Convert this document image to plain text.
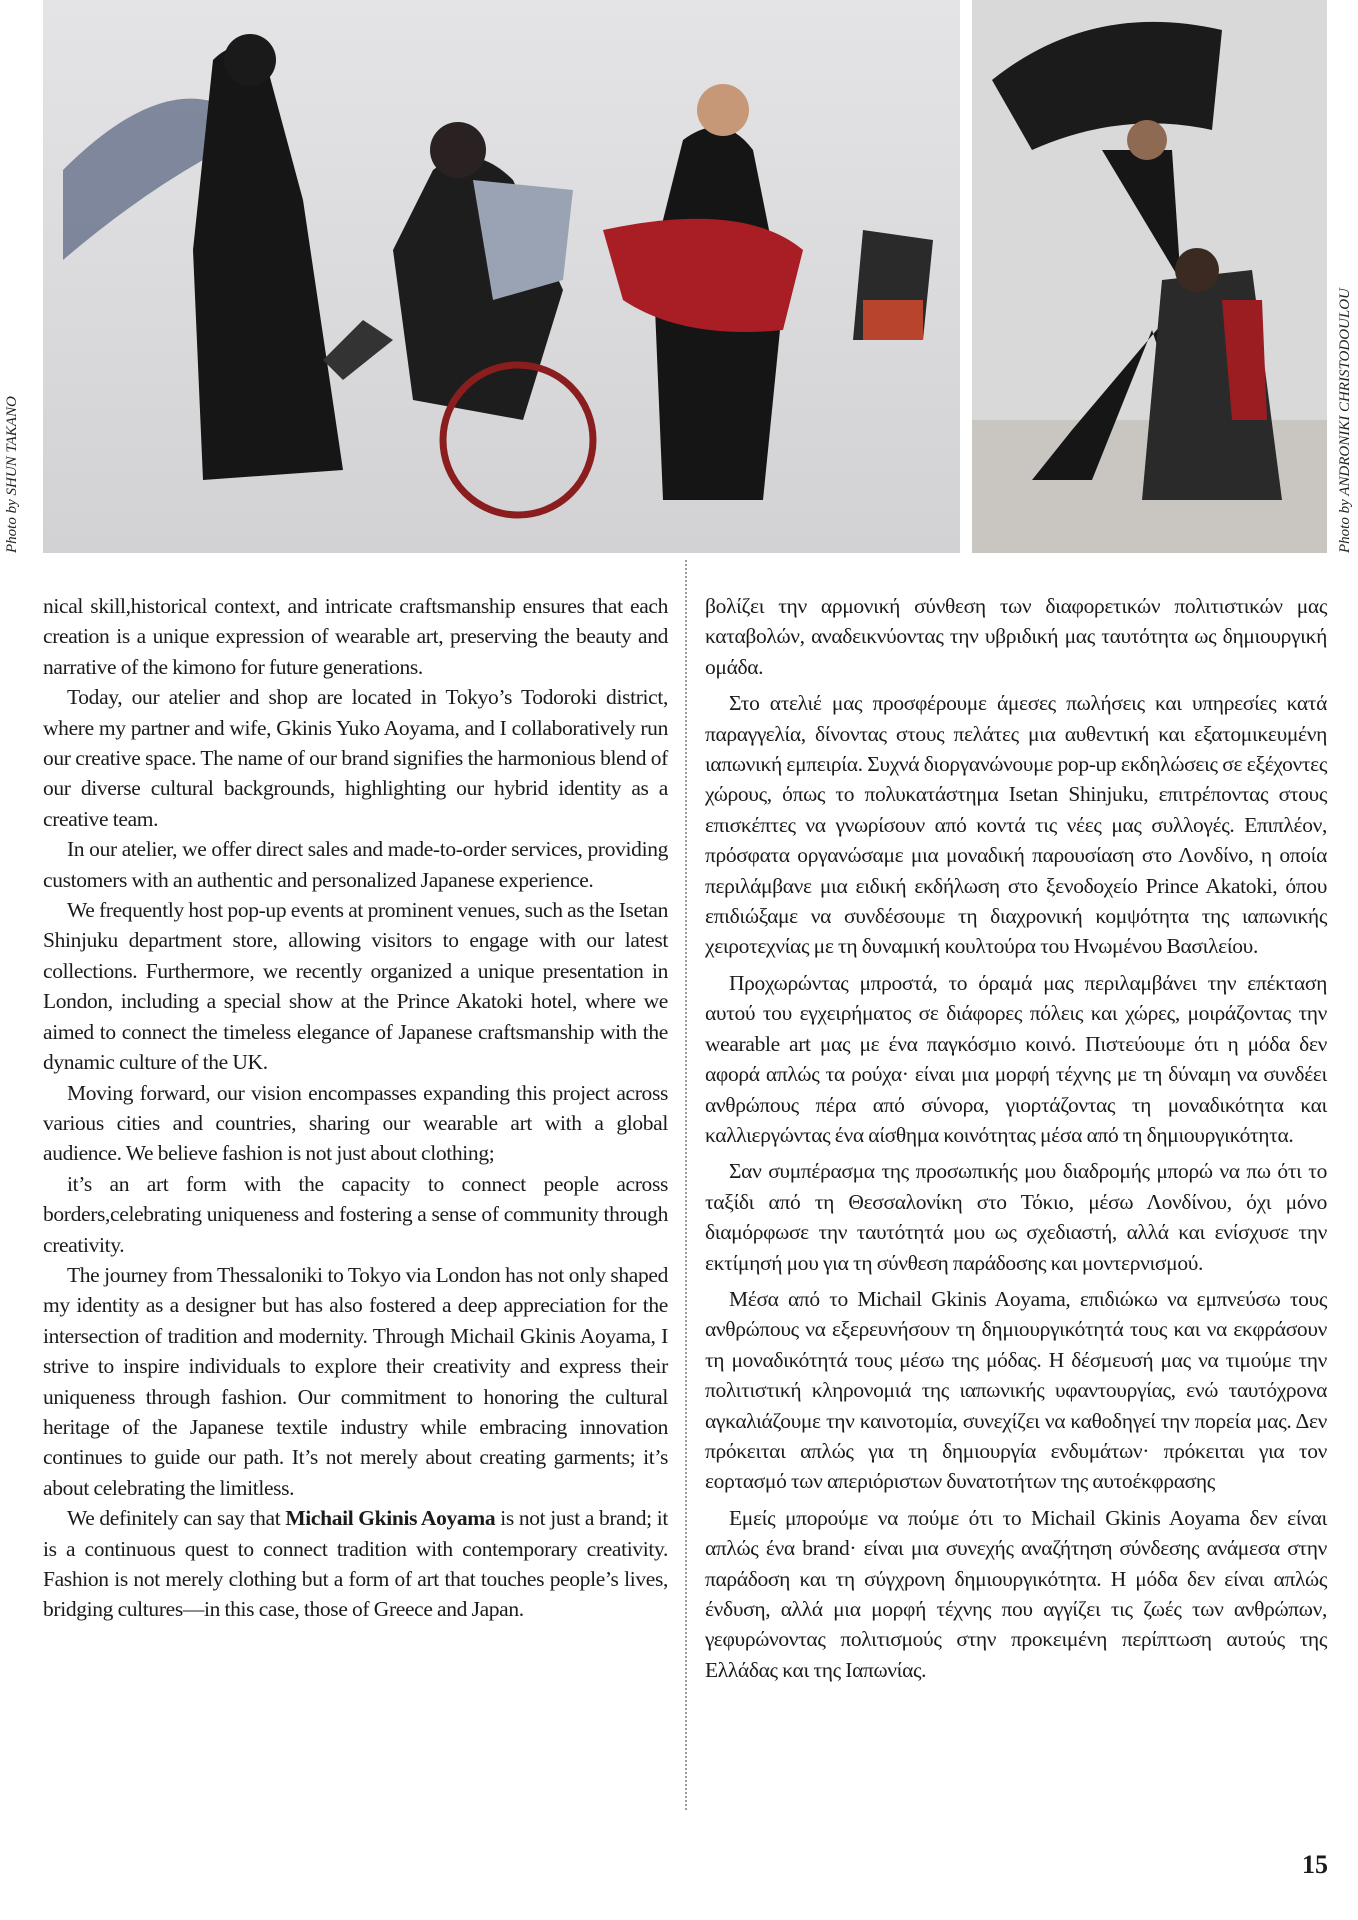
Photo by SHUN TAKANO	Photo by ANDRONIKI CHRISTODOULOU

nical skill,historical context, and intricate craftsmanship ensures that each creation is a unique expression of wearable art, preserving the beauty and narrative of the kimono for future generations.

Today, our atelier and shop are located in Tokyo’s Todoroki district, where my partner and wife, Gkinis Yuko Aoyama, and I collaboratively run our creative space. The name of our brand signifies the harmonious blend of our diverse cultural backgrounds, highlighting our hybrid identity as a creative team.

In our atelier, we offer direct sales and made-to-order services, providing customers with an authentic and personalized Japanese experience.

We frequently host pop-up events at prominent venues, such as the Isetan Shinjuku department store, allowing visitors to engage with our latest collections. Furthermore, we recently organized a unique presentation in London, including a special show at the Prince Akatoki hotel, where we aimed to connect the timeless elegance of Japanese craftsmanship with the dynamic culture of the UK.

Moving forward, our vision encompasses expanding this project across various cities and countries, sharing our wearable art with a global audience. We believe fashion is not just about clothing;

it’s an art form with the capacity to connect people across borders,celebrating uniqueness and fostering a sense of community through creativity.

The journey from Thessaloniki to Tokyo via London has not only shaped my identity as a designer but has also fostered a deep appreciation for the intersection of tradition and modernity. Through Michail Gkinis Aoyama, I strive to inspire individuals to explore their creativity and express their uniqueness through fashion. Our commitment to honoring the cultural heritage of the Japanese textile industry while embracing innovation continues to guide our path. It’s not merely about creating garments; it’s about celebrating the limitless.

We definitely can say that Michail Gkinis Aoyama is not just a brand; it is a continuous quest to connect tradition with contemporary creativity. Fashion is not merely clothing but a form of art that touches people’s lives, bridging cultures—in this case, those of Greece and Japan.

βολίζει την αρμονική σύνθεση των διαφορετικών πολιτιστικών μας καταβολών, αναδεικνύοντας την υβριδική μας ταυτότητα ως δημιουργική ομάδα.

Στο ατελιέ μας προσφέρουμε άμεσες πωλήσεις και υπηρεσίες κατά παραγγελία, δίνοντας στους πελάτες μια αυθεντική και εξατομικευμένη ιαπωνική εμπειρία. Συχνά διοργανώνουμε pop-up εκδηλώσεις σε εξέχοντες χώρους, όπως το πολυκατάστημα Isetan Shinjuku, επιτρέποντας στους επισκέπτες να γνωρίσουν από κοντά τις νέες μας συλλογές. Επιπλέον, πρόσφατα οργανώσαμε μια μοναδική παρουσίαση στο Λονδίνο, η οποία περιλάμβανε μια ειδική εκδήλωση στο ξενοδοχείο Prince Akatoki, όπου επιδιώξαμε να συνδέσουμε τη διαχρονική κομψότητα της ιαπωνικής χειροτεχνίας με τη δυναμική κουλτούρα του Ηνωμένου Βασιλείου.

Προχωρώντας μπροστά, το όραμά μας περιλαμβάνει την επέκταση αυτού του εγχειρήματος σε διάφορες πόλεις και χώρες, μοιράζοντας την wearable art μας με ένα παγκόσμιο κοινό. Πιστεύουμε ότι η μόδα δεν αφορά απλώς τα ρούχα· είναι μια μορφή τέχνης με τη δύναμη να συνδέει ανθρώπους πέρα από σύνορα, γιορτάζοντας τη μοναδικότητα και καλλιεργώντας ένα αίσθημα κοινότητας μέσα από τη δημιουργικότητα.

Σαν συμπέρασμα της προσωπικής μου διαδρομής μπορώ να πω ότι το ταξίδι από τη Θεσσαλονίκη στο Τόκιο, μέσω Λονδίνου, όχι μόνο διαμόρφωσε την ταυτότητά μου ως σχεδιαστή, αλλά και ενίσχυσε την εκτίμησή μου για τη σύνθεση παράδοσης και μοντερνισμού.

Μέσα από το Michail Gkinis Aoyama, επιδιώκω να εμπνεύσω τους ανθρώπους να εξερευνήσουν τη δημιουργικότητά τους και να εκφράσουν τη μοναδικότητά τους μέσω της μόδας. Η δέσμευσή μας να τιμούμε την πολιτιστική κληρονομιά της ιαπωνικής υφαντουργίας, ενώ ταυτόχρονα αγκαλιάζουμε την καινοτομία, συνεχίζει να καθοδηγεί την πορεία μας. Δεν πρόκειται απλώς για τη δημιουργία ενδυμάτων· πρόκειται για τον εορτασμό των απεριόριστων δυνατοτήτων της αυτοέκφρασης

Εμείς μπορούμε να πούμε ότι το Michail Gkinis Aoyama δεν είναι απλώς ένα brand· είναι μια συνεχής αναζήτηση σύνδεσης ανάμεσα στην παράδοση και τη σύγχρονη δημιουργικότητα. Η μόδα δεν είναι απλώς ένδυση, αλλά μια μορφή τέχνης που αγγίζει τις ζωές των ανθρώπων, γεφυρώνοντας πολιτισμούς στην προκειμένη περίπτωση αυτούς της Ελλάδας και της Ιαπωνίας.

15
